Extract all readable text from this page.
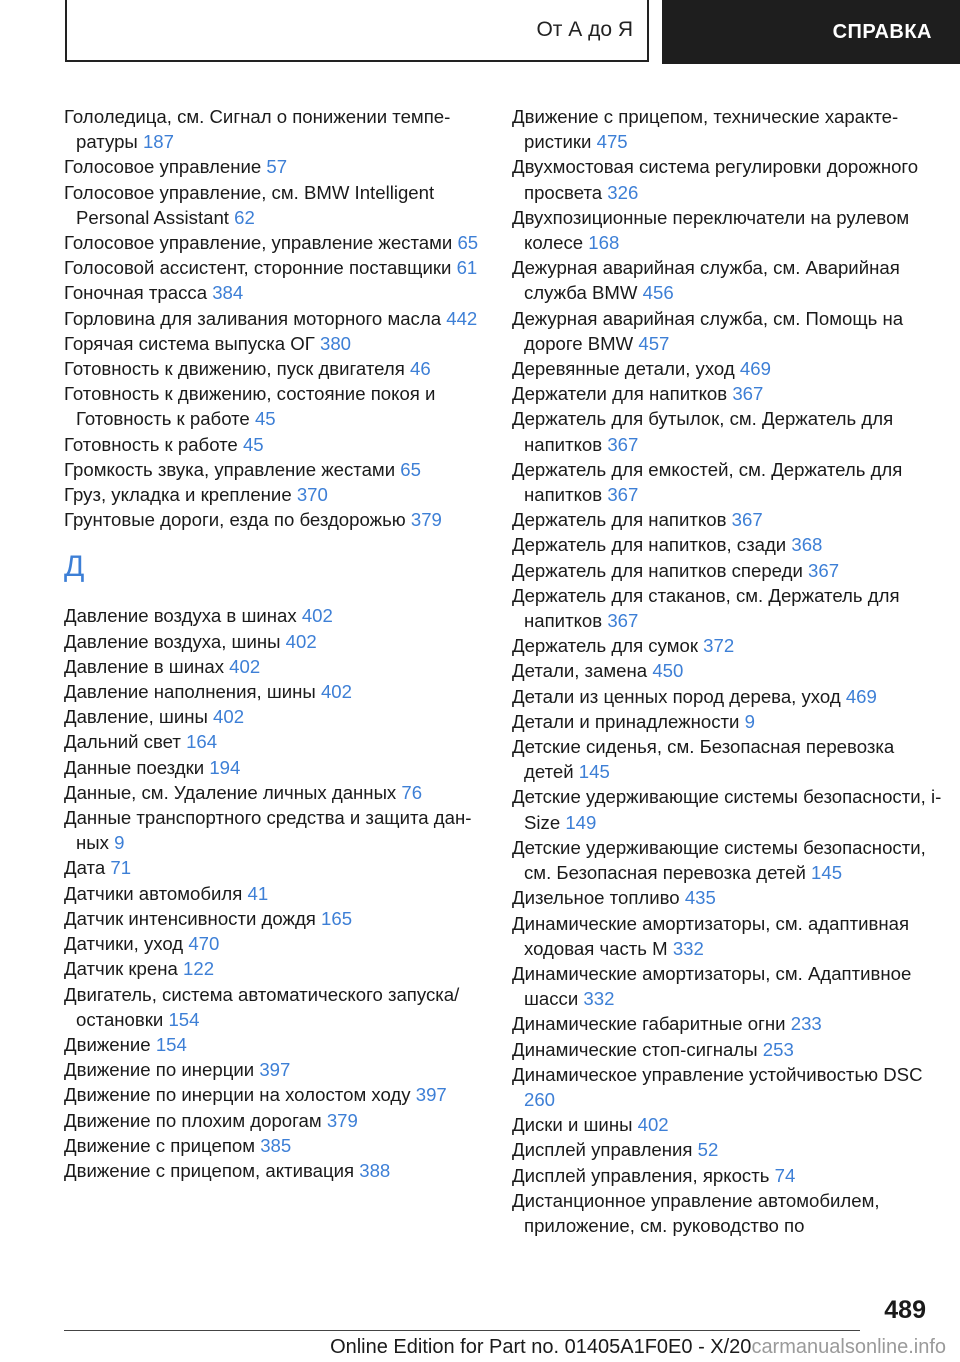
От А до Я	СПРАВКА

Гололедица, см. Сигнал о понижении температуры 187

Голосовое управление 57

Голосовое управление, см. BMW Intelligent Personal Assistant 62

Голосовое управление, управление жестами 65

Голосовой ассистент, сторонние поставщики 61

Гоночная трасса 384

Горловина для заливания моторного масла 442

Горячая система выпуска ОГ 380

Готовность к движению, пуск двигателя 46

Готовность к движению, состояние покоя и Готовность к работе 45

Готовность к работе 45

Громкость звука, управление жестами 65

Груз, укладка и крепление 370

Грунтовые дороги, езда по бездорожью 379

Д

Давление воздуха в шинах 402

Давление воздуха, шины 402

Давление в шинах 402

Давление наполнения, шины 402

Давление, шины 402

Дальний свет 164

Данные поездки 194

Данные, см. Удаление личных данных 76

Данные транспортного средства и защита данных 9

Дата 71

Датчики автомобиля 41

Датчик интенсивности дождя 165

Датчики, уход 470

Датчик крена 122

Двигатель, система автоматического запуска/остановки 154

Движение 154

Движение по инерции 397

Движение по инерции на холостом ходу 397

Движение по плохим дорогам 379

Движение с прицепом 385

Движение с прицепом, активация 388

Движение с прицепом, технические характеристики 475

Двухмостовая система регулировки дорожного просвета 326

Двухпозиционные переключатели на рулевом колесе 168

Дежурная аварийная служба, см. Аварийная служба BMW 456

Дежурная аварийная служба, см. Помощь на дороге BMW 457

Деревянные детали, уход 469

Держатели для напитков 367

Держатель для бутылок, см. Держатель для напитков 367

Держатель для емкостей, см. Держатель для напитков 367

Держатель для напитков 367

Держатель для напитков, сзади 368

Держатель для напитков спереди 367

Держатель для стаканов, см. Держатель для напитков 367

Держатель для сумок 372

Детали, замена 450

Детали из ценных пород дерева, уход 469

Детали и принадлежности 9

Детские сиденья, см. Безопасная перевозка детей 145

Детские удерживающие системы безопасности, i-Size 149

Детские удерживающие системы безопасности, см. Безопасная перевозка детей 145

Дизельное топливо 435

Динамические амортизаторы, см. адаптивная ходовая часть M 332

Динамические амортизаторы, см. Адаптивное шасси 332

Динамические габаритные огни 233

Динамические стоп-сигналы 253

Динамическое управление устойчивостью DSC 260

Диски и шины 402

Дисплей управления 52

Дисплей управления, яркость 74

Дистанционное управление автомобилем, приложение, см. руководство по

489
Online Edition for Part no. 01405A1F0E0 - X/20carmanualsonline.info
